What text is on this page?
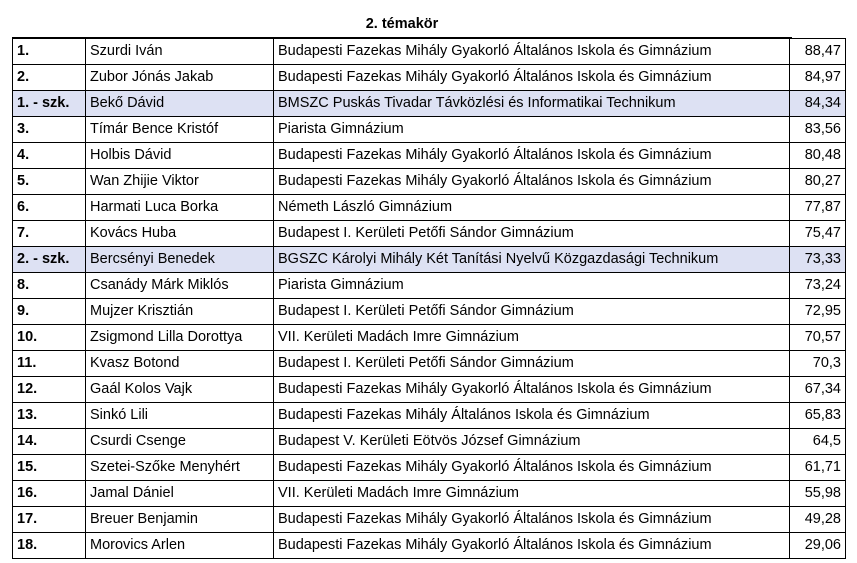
2. témakör
1.	Szurdi Iván	Budapesti Fazekas Mihály Gyakorló Általános Iskola és Gimnázium	88,47
2.	Zubor Jónás Jakab	Budapesti Fazekas Mihály Gyakorló Általános Iskola és Gimnázium	84,97
1. - szk.	Bekő Dávid	BMSZC Puskás Tivadar Távközlési és Informatikai Technikum	84,34
3.	Tímár Bence Kristóf	Piarista Gimnázium	83,56
4.	Holbis Dávid	Budapesti Fazekas Mihály Gyakorló Általános Iskola és Gimnázium	80,48
5.	Wan Zhijie Viktor	Budapesti Fazekas Mihály Gyakorló Általános Iskola és Gimnázium	80,27
6.	Harmati Luca Borka	Németh László Gimnázium	77,87
7.	Kovács Huba	Budapest I. Kerületi Petőfi Sándor Gimnázium	75,47
2. - szk.	Bercsényi Benedek	BGSZC Károlyi Mihály Két Tanítási Nyelvű Közgazdasági Technikum	73,33
8.	Csanády Márk Miklós	Piarista Gimnázium	73,24
9.	Mujzer Krisztián	Budapest I. Kerületi Petőfi Sándor Gimnázium	72,95
10.	Zsigmond Lilla Dorottya	VII. Kerületi Madách Imre Gimnázium	70,57
11.	Kvasz Botond	Budapest I. Kerületi Petőfi Sándor Gimnázium	70,3
12.	Gaál Kolos Vajk	Budapesti Fazekas Mihály Gyakorló Általános Iskola és Gimnázium	67,34
13.	Sinkó Lili	Budapesti Fazekas Mihály Általános Iskola és Gimnázium	65,83
14.	Csurdi Csenge	Budapest V. Kerületi Eötvös József Gimnázium	64,5
15.	Szetei-Szőke Menyhért	Budapesti Fazekas Mihály Gyakorló Általános Iskola és Gimnázium	61,71
16.	Jamal Dániel	VII. Kerületi Madách Imre Gimnázium	55,98
17.	Breuer Benjamin	Budapesti Fazekas Mihály Gyakorló Általános Iskola és Gimnázium	49,28
18.	Morovics Arlen	Budapesti Fazekas Mihály Gyakorló Általános Iskola és Gimnázium	29,06
